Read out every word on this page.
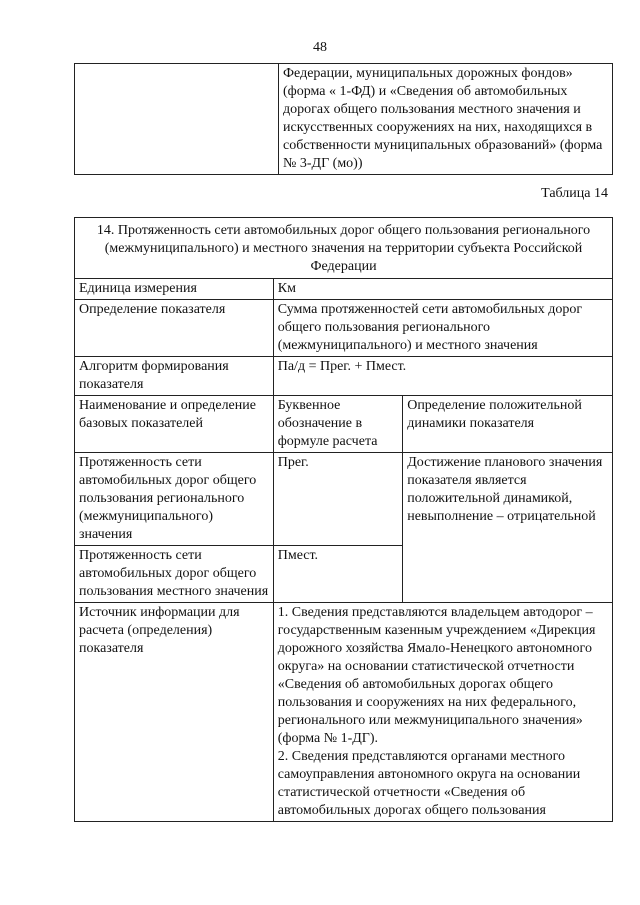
48
	Федерации, муниципальных дорожных фондов» (форма « 1-ФД) и «Сведения об автомобильных дорогах общего пользования местного значения и искусственных сооружениях на них, находящихся в собственности муниципальных образований» (форма № 3-ДГ (мо))
Таблица 14
14. Протяженность сети автомобильных дорог общего пользования регионального (межмуниципального) и местного значения на территории субъекта Российской Федерации		
Единица измерения	Км	
Определение показателя	Сумма протяженностей сети автомобильных дорог общего пользования регионального (межмуниципального) и местного значения	
Алгоритм формирования показателя	Па/д = Прег. + Пмест.	
Наименование и определение базовых показателей	Буквенное обозначение в формуле расчета	Определение положительной динамики показателя
Протяженность сети автомобильных дорог общего пользования регионального (межмуниципального) значения	Прег.	Достижение планового значения показателя является положительной динамикой, невыполнение – отрицательной
Протяженность сети автомобильных дорог общего пользования местного значения	Пмест.	
Источник информации для расчета (определения) показателя	1. Сведения представляются владельцем автодорог – государственным казенным учреждением «Дирекция дорожного хозяйства Ямало-Ненецкого автономного округа» на основании статистической отчетности «Сведения об автомобильных дорогах общего пользования и сооружениях на них федерального, регионального или межмуниципального значения» (форма № 1-ДГ).
2. Сведения представляются органами местного самоуправления автономного округа на основании статистической отчетности «Сведения об автомобильных дорогах общего пользования	
